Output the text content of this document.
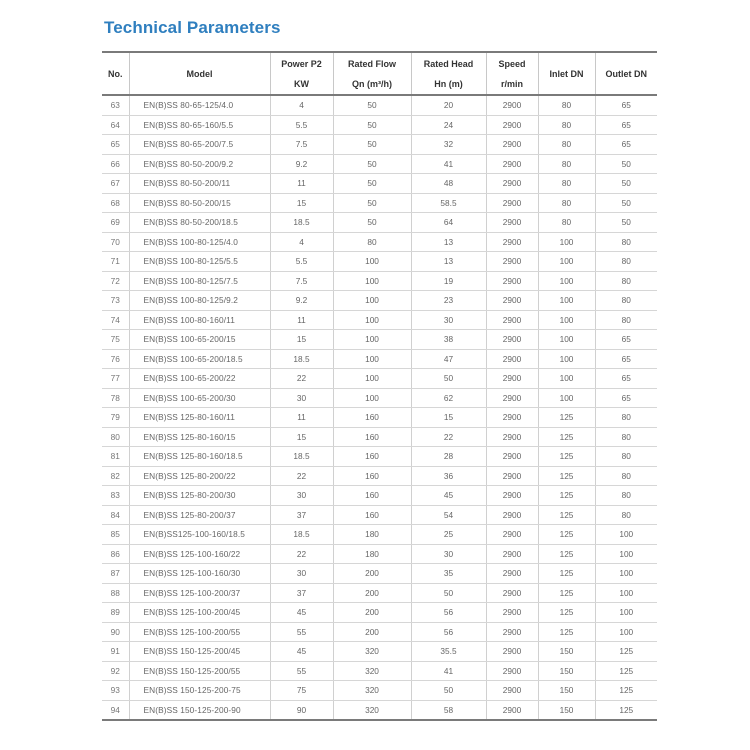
Technical Parameters
No.	Model	Power P2	Rated Flow	Rated Head	Speed	Inlet DN	Outlet DN
		KW	Qn (m³/h)	Hn (m)	r/min		
63	EN(B)SS 80-65-125/4.0	4	50	20	2900	80	65
64	EN(B)SS 80-65-160/5.5	5.5	50	24	2900	80	65
65	EN(B)SS 80-65-200/7.5	7.5	50	32	2900	80	65
66	EN(B)SS 80-50-200/9.2	9.2	50	41	2900	80	50
67	EN(B)SS 80-50-200/11	11	50	48	2900	80	50
68	EN(B)SS 80-50-200/15	15	50	58.5	2900	80	50
69	EN(B)SS 80-50-200/18.5	18.5	50	64	2900	80	50
70	EN(B)SS 100-80-125/4.0	4	80	13	2900	100	80
71	EN(B)SS 100-80-125/5.5	5.5	100	13	2900	100	80
72	EN(B)SS 100-80-125/7.5	7.5	100	19	2900	100	80
73	EN(B)SS 100-80-125/9.2	9.2	100	23	2900	100	80
74	EN(B)SS 100-80-160/11	11	100	30	2900	100	80
75	EN(B)SS 100-65-200/15	15	100	38	2900	100	65
76	EN(B)SS 100-65-200/18.5	18.5	100	47	2900	100	65
77	EN(B)SS 100-65-200/22	22	100	50	2900	100	65
78	EN(B)SS 100-65-200/30	30	100	62	2900	100	65
79	EN(B)SS 125-80-160/11	11	160	15	2900	125	80
80	EN(B)SS 125-80-160/15	15	160	22	2900	125	80
81	EN(B)SS 125-80-160/18.5	18.5	160	28	2900	125	80
82	EN(B)SS 125-80-200/22	22	160	36	2900	125	80
83	EN(B)SS 125-80-200/30	30	160	45	2900	125	80
84	EN(B)SS 125-80-200/37	37	160	54	2900	125	80
85	EN(B)SS125-100-160/18.5	18.5	180	25	2900	125	100
86	EN(B)SS 125-100-160/22	22	180	30	2900	125	100
87	EN(B)SS 125-100-160/30	30	200	35	2900	125	100
88	EN(B)SS 125-100-200/37	37	200	50	2900	125	100
89	EN(B)SS 125-100-200/45	45	200	56	2900	125	100
90	EN(B)SS 125-100-200/55	55	200	56	2900	125	100
91	EN(B)SS 150-125-200/45	45	320	35.5	2900	150	125
92	EN(B)SS 150-125-200/55	55	320	41	2900	150	125
93	EN(B)SS 150-125-200-75	75	320	50	2900	150	125
94	EN(B)SS 150-125-200-90	90	320	58	2900	150	125
